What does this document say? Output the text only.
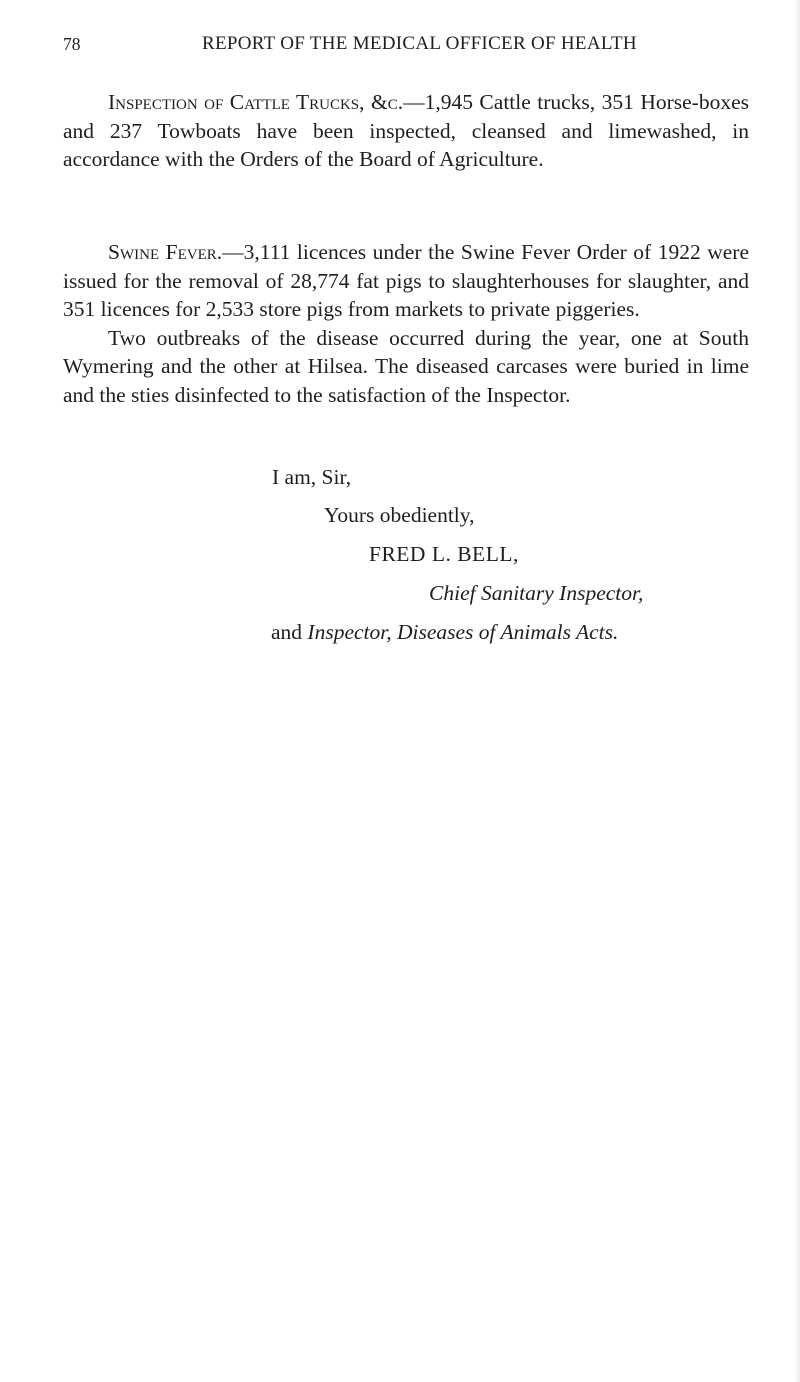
78	REPORT OF THE MEDICAL OFFICER OF HEALTH

Inspection of Cattle Trucks, &c.—1,945 Cattle trucks, 351 Horse-boxes and 237 Towboats have been inspected, cleansed and limewashed, in accordance with the Orders of the Board of Agriculture.

Swine Fever.—3,111 licences under the Swine Fever Order of 1922 were issued for the removal of 28,774 fat pigs to slaughterhouses for slaughter, and 351 licences for 2,533 store pigs from markets to private piggeries.

Two outbreaks of the disease occurred during the year, one at South Wymering and the other at Hilsea. The diseased carcases were buried in lime and the sties disinfected to the satisfaction of the Inspector.

I am, Sir,

Yours obediently,

FRED L. BELL,

Chief Sanitary Inspector,

and Inspector, Diseases of Animals Acts.
